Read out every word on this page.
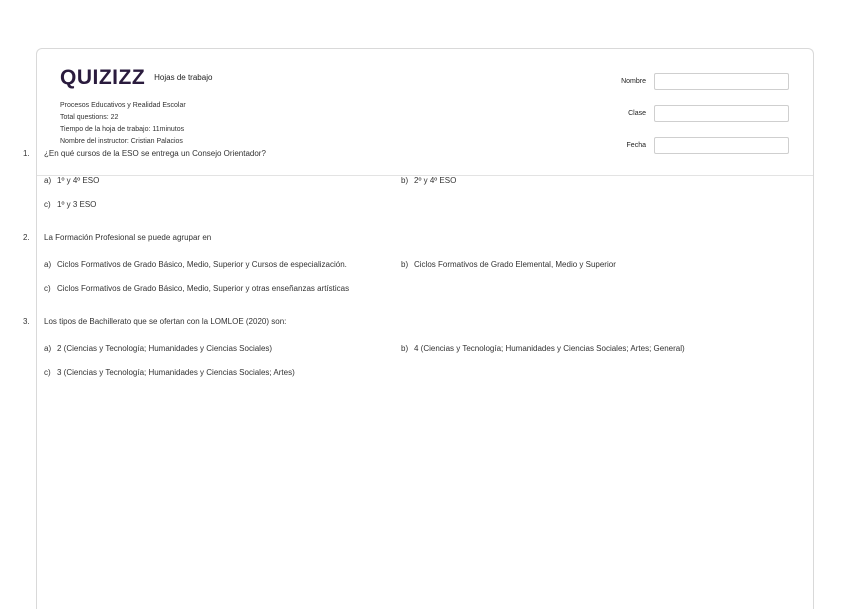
QUIZIZZ Hojas de trabajo
Procesos Educativos y Realidad Escolar
Total questions: 22
Tiempo de la hoja de trabajo: 11minutos
Nombre del instructor: Cristian Palacios
Nombre
Clase
Fecha
1.	¿En qué cursos de la ESO se entrega un Consejo Orientador?
a) 1º y 4º ESO	b) 2º y 4º ESO
c) 1º y 3 ESO
2.	La Formación Profesional se puede agrupar en
a) Ciclos Formativos de Grado Básico, Medio, Superior y Cursos de especialización.	b) Ciclos Formativos de Grado Elemental, Medio y Superior
c) Ciclos Formativos de Grado Básico, Medio, Superior y otras enseñanzas artísticas
3.	Los tipos de Bachillerato que se ofertan con la LOMLOE (2020) son:
a) 2 (Ciencias y Tecnología; Humanidades y Ciencias Sociales)	b) 4 (Ciencias y Tecnología; Humanidades y Ciencias Sociales; Artes; General)
c) 3 (Ciencias y Tecnología; Humanidades y Ciencias Sociales; Artes)
